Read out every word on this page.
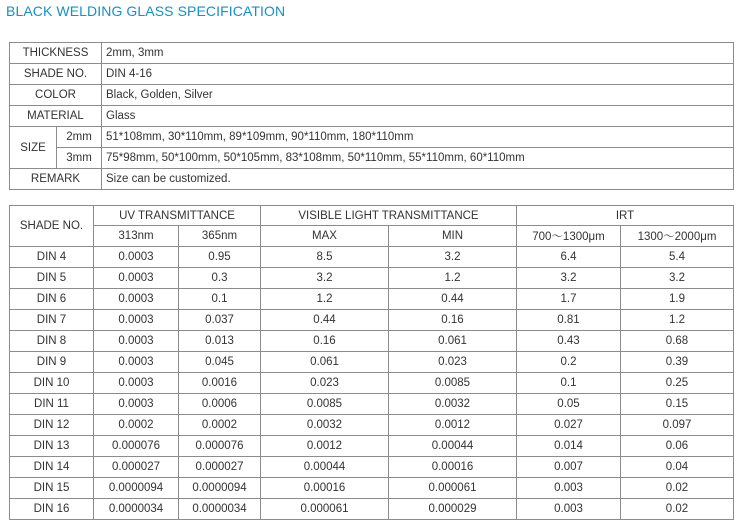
BLACK WELDING GLASS SPECIFICATION
THICKNESS		2mm, 3mm
SHADE NO.		DIN 4-16
COLOR		Black, Golden, Silver
MATERIAL		Glass
SIZE	2mm	51*108mm, 30*110mm, 89*109mm, 90*110mm, 180*110mm
	3mm	75*98mm, 50*100mm, 50*105mm, 83*108mm, 50*110mm, 55*110mm, 60*110mm
REMARK		Size can be customized.
SHADE NO.	UV TRANSMITTANCE		VISIBLE LIGHT TRANSMITTANCE		IRT	
	313nm	365nm	MAX	MIN	700～1300μm	1300～2000μm
DIN 4	0.0003	0.95	8.5	3.2	6.4	5.4
DIN 5	0.0003	0.3	3.2	1.2	3.2	3.2
DIN 6	0.0003	0.1	1.2	0.44	1.7	1.9
DIN 7	0.0003	0.037	0.44	0.16	0.81	1.2
DIN 8	0.0003	0.013	0.16	0.061	0.43	0.68
DIN 9	0.0003	0.045	0.061	0.023	0.2	0.39
DIN 10	0.0003	0.0016	0.023	0.0085	0.1	0.25
DIN 11	0.0003	0.0006	0.0085	0.0032	0.05	0.15
DIN 12	0.0002	0.0002	0.0032	0.0012	0.027	0.097
DIN 13	0.000076	0.000076	0.0012	0.00044	0.014	0.06
DIN 14	0.000027	0.000027	0.00044	0.00016	0.007	0.04
DIN 15	0.0000094	0.0000094	0.00016	0.000061	0.003	0.02
DIN 16	0.0000034	0.0000034	0.000061	0.000029	0.003	0.02
